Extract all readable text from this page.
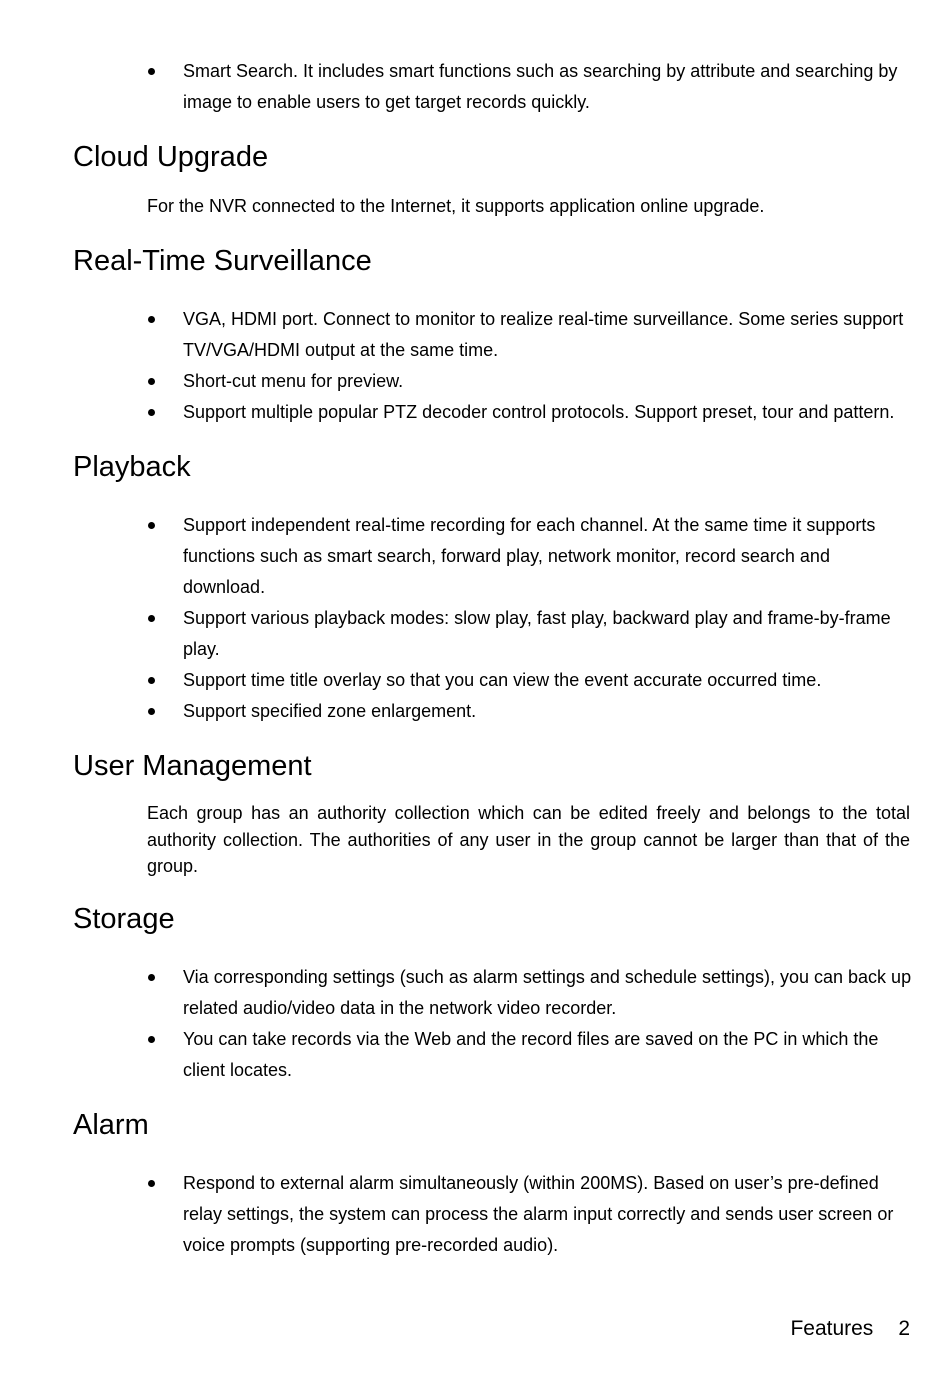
Smart Search. It includes smart functions such as searching by attribute and searching by image to enable users to get target records quickly.
Cloud Upgrade

For the NVR connected to the Internet, it supports application online upgrade.

Real-Time Surveillance
VGA, HDMI port. Connect to monitor to realize real-time surveillance. Some series support TV/VGA/HDMI output at the same time.
Short-cut menu for preview.
Support multiple popular PTZ decoder control protocols. Support preset, tour and pattern.
Playback
Support independent real-time recording for each channel. At the same time it supports functions such as smart search, forward play, network monitor, record search and download.
Support various playback modes: slow play, fast play, backward play and frame-by-frame play.
Support time title overlay so that you can view the event accurate occurred time.
Support specified zone enlargement.
User Management

Each group has an authority collection which can be edited freely and belongs to the total authority collection. The authorities of any user in the group cannot be larger than that of the group.

Storage
Via corresponding settings (such as alarm settings and schedule settings), you can back up related audio/video data in the network video recorder.
You can take records via the Web and the record files are saved on the PC in which the client locates.
Alarm
Respond to external alarm simultaneously (within 200MS). Based on user’s pre-defined relay settings, the system can process the alarm input correctly and sends user screen or voice prompts (supporting pre-recorded audio).
Features 2
